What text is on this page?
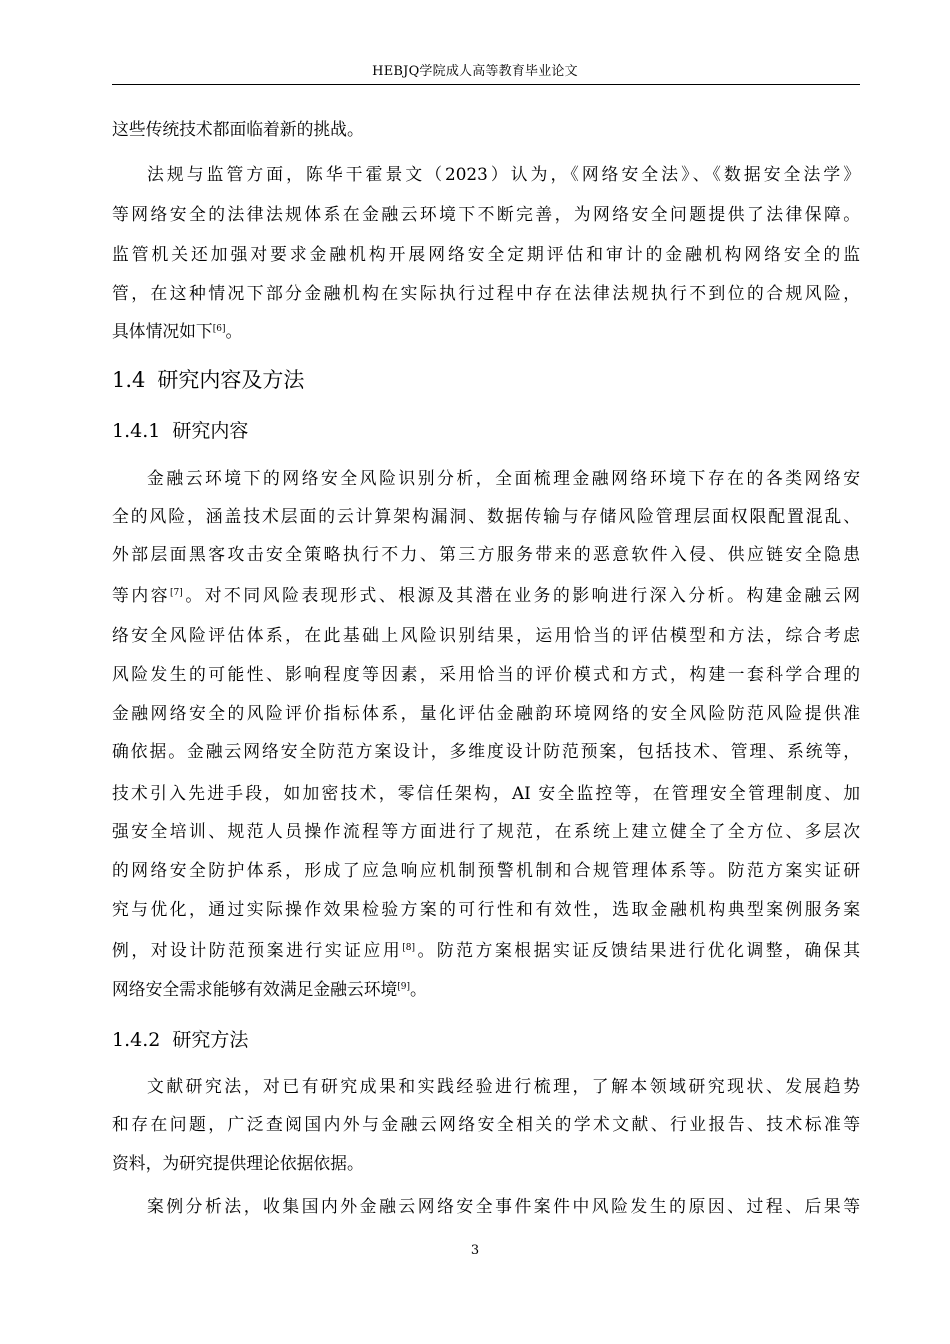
HEBJQ学院成人高等教育毕业论文
这些传统技术都面临着新的挑战。
法规与监管方面，陈华干霍景文（2023）认为，《网络安全法》、《数据安全法学》
等网络安全的法律法规体系在金融云环境下不断完善，为网络安全问题提供了法律保障。
监管机关还加强对要求金融机构开展网络安全定期评估和审计的金融机构网络安全的监
管，在这种情况下部分金融机构在实际执行过程中存在法律法规执行不到位的合规风险，
具体情况如下[6]。
1.4 研究内容及方法
1.4.1 研究内容
金融云环境下的网络安全风险识别分析，全面梳理金融网络环境下存在的各类网络安
全的风险，涵盖技术层面的云计算架构漏洞、数据传输与存储风险管理层面权限配置混乱、
外部层面黑客攻击安全策略执行不力、第三方服务带来的恶意软件入侵、供应链安全隐患
等内容[7]。对不同风险表现形式、根源及其潜在业务的影响进行深入分析。构建金融云网
络安全风险评估体系，在此基础上风险识别结果，运用恰当的评估模型和方法，综合考虑
风险发生的可能性、影响程度等因素，采用恰当的评价模式和方式，构建一套科学合理的
金融网络安全的风险评价指标体系，量化评估金融韵环境网络的安全风险防范风险提供准
确依据。金融云网络安全防范方案设计，多维度设计防范预案，包括技术、管理、系统等，
技术引入先进手段，如加密技术，零信任架构，AI 安全监控等，在管理安全管理制度、加
强安全培训、规范人员操作流程等方面进行了规范，在系统上建立健全了全方位、多层次
的网络安全防护体系，形成了应急响应机制预警机制和合规管理体系等。防范方案实证研
究与优化，通过实际操作效果检验方案的可行性和有效性，选取金融机构典型案例服务案
例，对设计防范预案进行实证应用[8]。防范方案根据实证反馈结果进行优化调整，确保其
网络安全需求能够有效满足金融云环境[9]。
1.4.2 研究方法
文献研究法，对已有研究成果和实践经验进行梳理，了解本领域研究现状、发展趋势
和存在问题，广泛查阅国内外与金融云网络安全相关的学术文献、行业报告、技术标准等
资料，为研究提供理论依据依据。
案例分析法，收集国内外金融云网络安全事件案件中风险发生的原因、过程、后果等
3
